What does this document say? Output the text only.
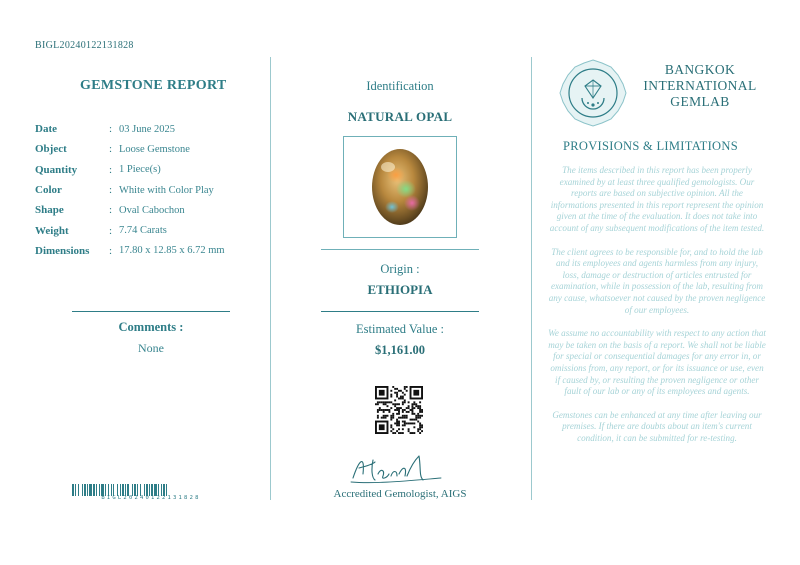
BIGL20240122131828
GEMSTONE REPORT
Date	: 03 June 2025
Object	: Loose Gemstone
Quantity	: 1 Piece(s)
Color	: White with Color Play
Shape	: Oval Cabochon
Weight	: 7.74 Carats
Dimensions	: 17.80 x 12.85 x 6.72 mm
Comments :
None
BIGL20240122131828
Identification
NATURAL OPAL
Origin :
ETHIOPIA
Estimated Value :
$1,161.00
Accredited Gemologist, AIGS
BANGKOK
INTERNATIONAL
GEMLAB
PROVISIONS & LIMITATIONS

The items described in this report has been properly examined by at least three qualified gemologists. Our reports are based on subjective opinion. All the informations presented in this report represent the opinion given at the time of the evaluation. It does not take into account of any subsequent modifications of the item tested.

The client agrees to be responsible for, and to hold the lab and its employees and agents harmless from any injury, loss, damage or destruction of articles entrusted for examination, while in possession of the lab, resulting from any cause, whatsoever not caused by the proven negligence of our employees.

We assume no accountability with respect to any action that may be taken on the basis of a report. We shall not be liable for special or consequential damages for any error in, or omissions from, any report, or for its issuance or use, even if caused by, or resulting the proven negligence or other fault of our lab or any of its employees and agents.

Gemstones can be enhanced at any time after leaving our premises. If there are doubts about an item's current condition, it can be submitted for re-testing.
